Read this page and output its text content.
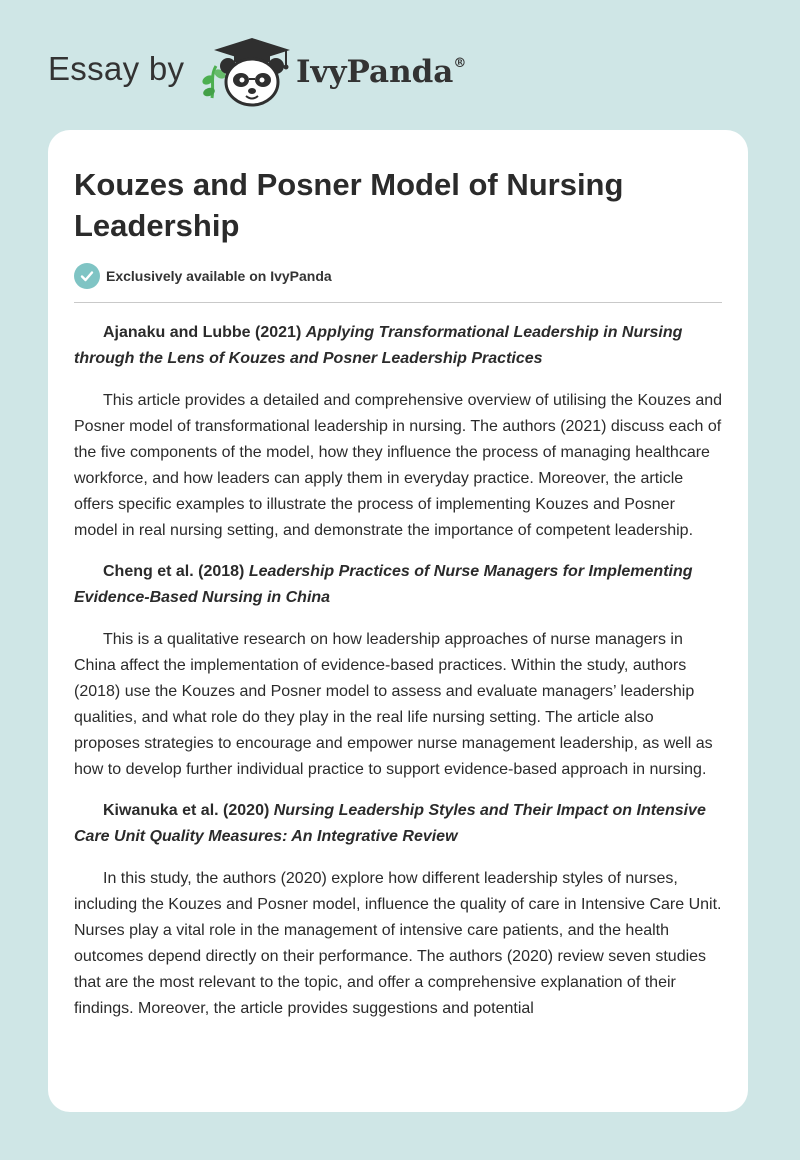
Essay by	IvyPanda®
Kouzes and Posner Model of Nursing Leadership
Exclusively available on IvyPanda

Ajanaku and Lubbe (2021) Applying Transformational Leadership in Nursing through the Lens of Kouzes and Posner Leadership Practices

This article provides a detailed and comprehensive overview of utilising the Kouzes and Posner model of transformational leadership in nursing. The authors (2021) discuss each of the five components of the model, how they influence the process of managing healthcare workforce, and how leaders can apply them in everyday practice. Moreover, the article offers specific examples to illustrate the process of implementing Kouzes and Posner model in real nursing setting, and demonstrate the importance of competent leadership.

Cheng et al. (2018) Leadership Practices of Nurse Managers for Implementing Evidence-Based Nursing in China

This is a qualitative research on how leadership approaches of nurse managers in China affect the implementation of evidence-based practices. Within the study, authors (2018) use the Kouzes and Posner model to assess and evaluate managers’ leadership qualities, and what role do they play in the real life nursing setting. The article also proposes strategies to encourage and empower nurse management leadership, as well as how to develop further individual practice to support evidence-based approach in nursing.

Kiwanuka et al. (2020) Nursing Leadership Styles and Their Impact on Intensive Care Unit Quality Measures: An Integrative Review

In this study, the authors (2020) explore how different leadership styles of nurses, including the Kouzes and Posner model, influence the quality of care in Intensive Care Unit. Nurses play a vital role in the management of intensive care patients, and the health outcomes depend directly on their performance. The authors (2020) review seven studies that are the most relevant to the topic, and offer a comprehensive explanation of their findings. Moreover, the article provides suggestions and potential
